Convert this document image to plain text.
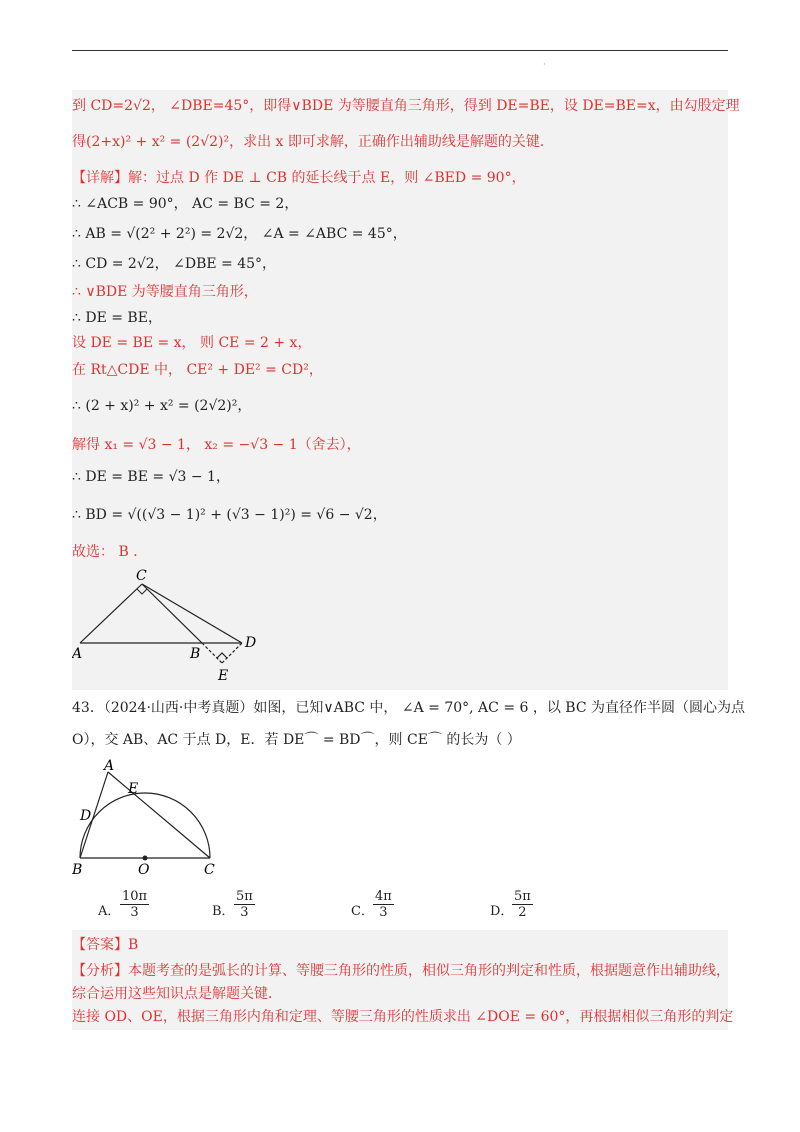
·
到 CD=2√2， ∠DBE=45°，即得∨BDE 为等腰直角三角形，得到 DE=BE，设 DE=BE=x，由勾股定理
得(2+x)² + x² = (2√2)²，求出 x 即可求解，正确作出辅助线是解题的关键．
【详解】解：过点 D 作 DE ⊥ CB 的延长线于点 E，则 ∠BED = 90°，
∴ ∠ACB = 90°， AC = BC = 2，
∴ AB = √(2² + 2²) = 2√2， ∠A = ∠ABC = 45°，
∴ CD = 2√2， ∠DBE = 45°，
∴ ∨BDE 为等腰直角三角形，
∴ DE = BE，
设 DE = BE = x， 则 CE = 2 + x，
在 Rt△CDE 中， CE² + DE² = CD²，
∴ (2 + x)² + x² = (2√2)²，
解得 x₁ = √3 − 1， x₂ = −√3 − 1（舍去），
∴ DE = BE = √3 − 1，
∴ BD = √((√3 − 1)² + (√3 − 1)²) = √6 − √2，
故选： B ．
C
A	B
D
E
43．（2024·山西·中考真题）如图，已知∨ABC 中， ∠A = 70°, AC = 6 ，以 BC 为直径作半圆（圆心为点
O），交 AB、AC 于点 D，E．若 DE⌒ = BD⌒，则 CE⌒ 的长为（ ）
A
E
D
B	O	C
A． $\frac{10\pi}{3}$	B． $\frac{5\pi}{3}$	C． $\frac{4\pi}{3}$	D．
$\frac{5\pi}{2}$
【答案】B
【分析】本题考查的是弧长的计算、等腰三角形的性质，相似三角形的判定和性质，根据题意作出辅助线，
综合运用这些知识点是解题关键．
连接 OD、OE，根据三角形内角和定理、等腰三角形的性质求出 ∠DOE = 60°，再根据相似三角形的判定
